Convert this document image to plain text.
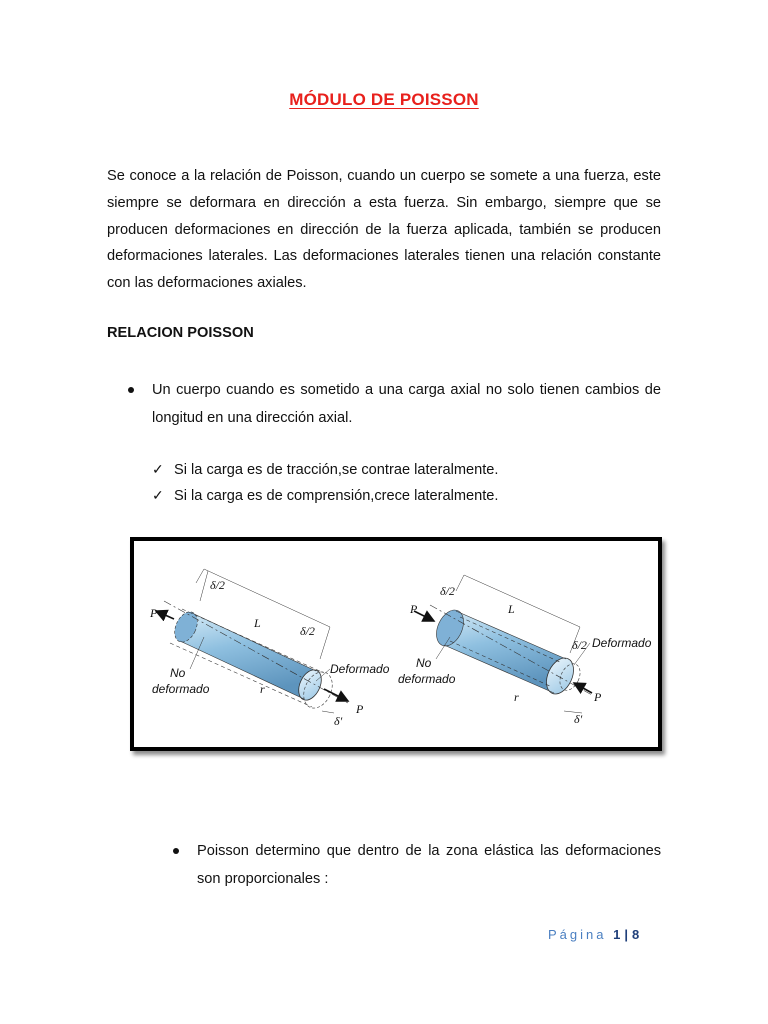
MÓDULO DE POISSON

Se conoce a la relación de Poisson, cuando un cuerpo se somete a una fuerza, este siempre se deformara en dirección a esta fuerza. Sin embargo, siempre que se producen deformaciones en dirección de la fuerza aplicada, también se producen deformaciones laterales. Las deformaciones laterales tienen una relación constante con las deformaciones axiales.

RELACION POISSON
Un cuerpo cuando es sometido a una carga axial no solo tienen cambios de longitud en una dirección axial.
✓ Si la carga es de tracción,se contrae lateralmente.
✓ Si la carga es de comprensión,crece lateralmente.
P
δ/2
L
δ/2
r
δ′
P
P
δ/2
L
δ/2
r
δ′
P
No
deformado
Deformado No
deformado
Deformado
Poisson determino que dentro de la zona elástica las deformaciones son proporcionales :
Página 1 | 8
